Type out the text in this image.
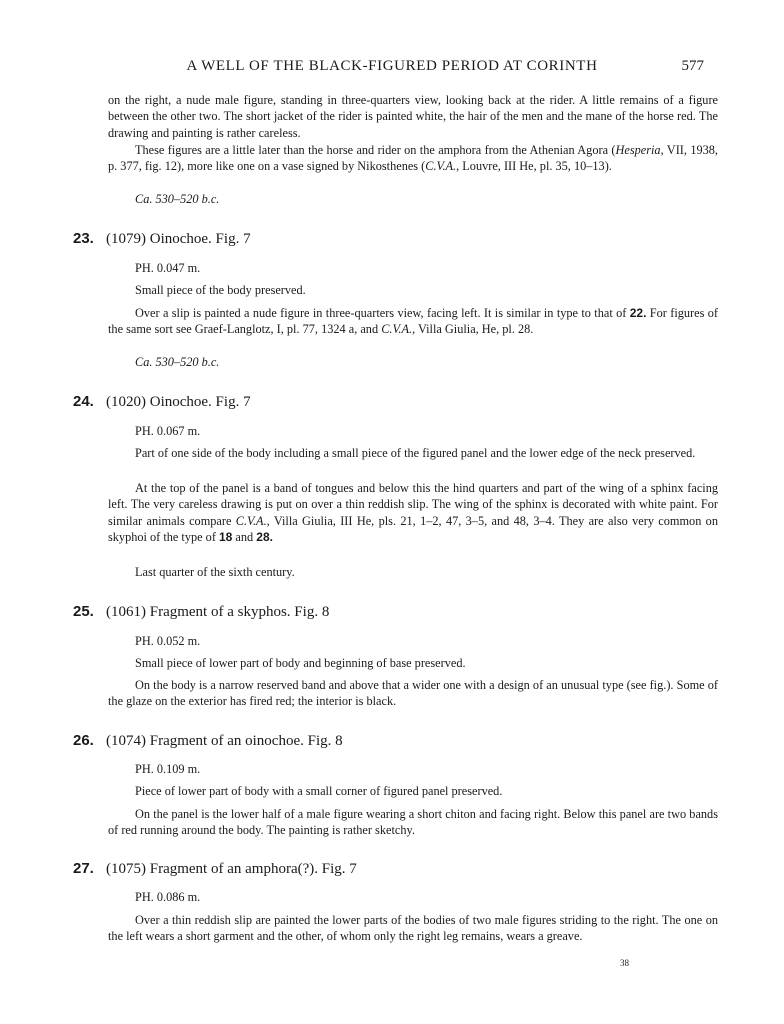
A WELL OF THE BLACK-FIGURED PERIOD AT CORINTH	577
on the right, a nude male figure, standing in three-quarters view, looking back at the rider. A little remains of a figure between the other two. The short jacket of the rider is painted white, the hair of the men and the mane of the horse red. The drawing and painting is rather careless.
These figures are a little later than the horse and rider on the amphora from the Athenian Agora (Hesperia, VII, 1938, p. 377, fig. 12), more like one on a vase signed by Nikosthenes (C.V.A., Louvre, III He, pl. 35, 10–13).
Ca. 530–520 b.c.
23. (1079) Oinochoe. Fig. 7
PH. 0.047 m.
Small piece of the body preserved.
Over a slip is painted a nude figure in three-quarters view, facing left. It is similar in type to that of 22. For figures of the same sort see Graef-Langlotz, I, pl. 77, 1324 a, and C.V.A., Villa Giulia, He, pl. 28.
Ca. 530–520 b.c.
24. (1020) Oinochoe. Fig. 7
PH. 0.067 m.
Part of one side of the body including a small piece of the figured panel and the lower edge of the neck preserved.
At the top of the panel is a band of tongues and below this the hind quarters and part of the wing of a sphinx facing left. The very careless drawing is put on over a thin reddish slip. The wing of the sphinx is decorated with white paint. For similar animals compare C.V.A., Villa Giulia, III He, pls. 21, 1–2, 47, 3–5, and 48, 3–4. They are also very common on skyphoi of the type of 18 and 28.
Last quarter of the sixth century.
25. (1061) Fragment of a skyphos. Fig. 8
PH. 0.052 m.
Small piece of lower part of body and beginning of base preserved.
On the body is a narrow reserved band and above that a wider one with a design of an unusual type (see fig.). Some of the glaze on the exterior has fired red; the interior is black.
26. (1074) Fragment of an oinochoe. Fig. 8
PH. 0.109 m.
Piece of lower part of body with a small corner of figured panel preserved.
On the panel is the lower half of a male figure wearing a short chiton and facing right. Below this panel are two bands of red running around the body. The painting is rather sketchy.
27. (1075) Fragment of an amphora(?). Fig. 7
PH. 0.086 m.
Over a thin reddish slip are painted the lower parts of the bodies of two male figures striding to the right. The one on the left wears a short garment and the other, of whom only the right leg remains, wears a greave.
38
